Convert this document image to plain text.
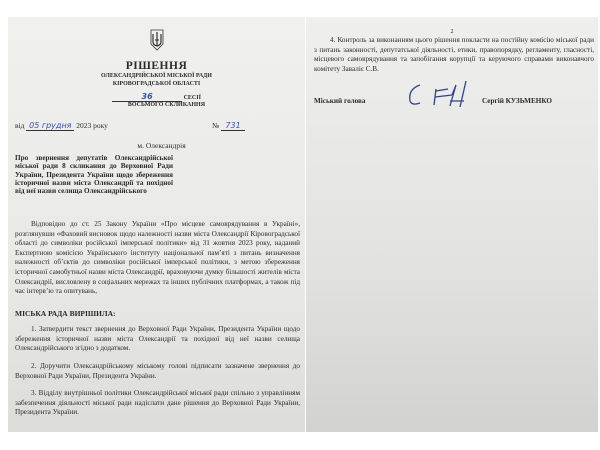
РІШЕННЯ
ОЛЕКСАНДРІЙСЬКОЇ МІСЬКОЇ РАДИ
КІРОВОГРАДСЬКОЇ ОБЛАСТІ
36	СЕСІЇ
ВОСЬМОГО СКЛИКАННЯ
від 05 грудня 2023 року	№ 731
м. Олександрія
Про звернення депутатів Олександрійської міської ради 8 скликання до Верховної Ради України, Президента України щодо збереження історичної назви міста Олександрії та похідної від неї назви селища Олександрійського
Відповідно до ст. 25 Закону України «Про місцеве самоврядування в Україні», розглянувши «Фаховий висновок щодо належності назви міста Олександрії Кіровоградської області до символіки російської імперської політики» від 31 жовтня 2023 року, наданий Експертною комісією Українського інституту національної пам’яті з питань визначення належності об’єктів до символіки російської імперської політики, з метою збереження історичної самобутньої назви міста Олександрії, враховуючи думку більшості жителів міста Олександрії, висловлену в соціальних мережах та інших публічних платформах, а також під час інтерв’ю та опитувань,
МІСЬКА РАДА ВИРІШИЛА:
1. Затвердити текст звернення до Верховної Ради України, Президента України щодо збереження історичної назви міста Олександрії та похідної від неї назви селища Олександрійського згідно з додатком.
2. Доручити Олександрійському міському голові підписати зазначене звернення до Верховної Ради України, Президента України.
3. Відділу внутрішньої політики Олександрійської міської ради спільно з управлінням забезпечення діяльності міської ради надіслати дане рішення до Верховної Ради України, Президента України.
2
4. Контроль за виконанням цього рішення покласти на постійну комісію міської ради з питань законності, депутатської діяльності, етики, правопорядку, регламенту, гласності, місцевого самоврядування та запобігання корупції та керуючого справами виконавчого комітету Заваліє С.В.
Міський голова	Сергій КУЗЬМЕНКО
